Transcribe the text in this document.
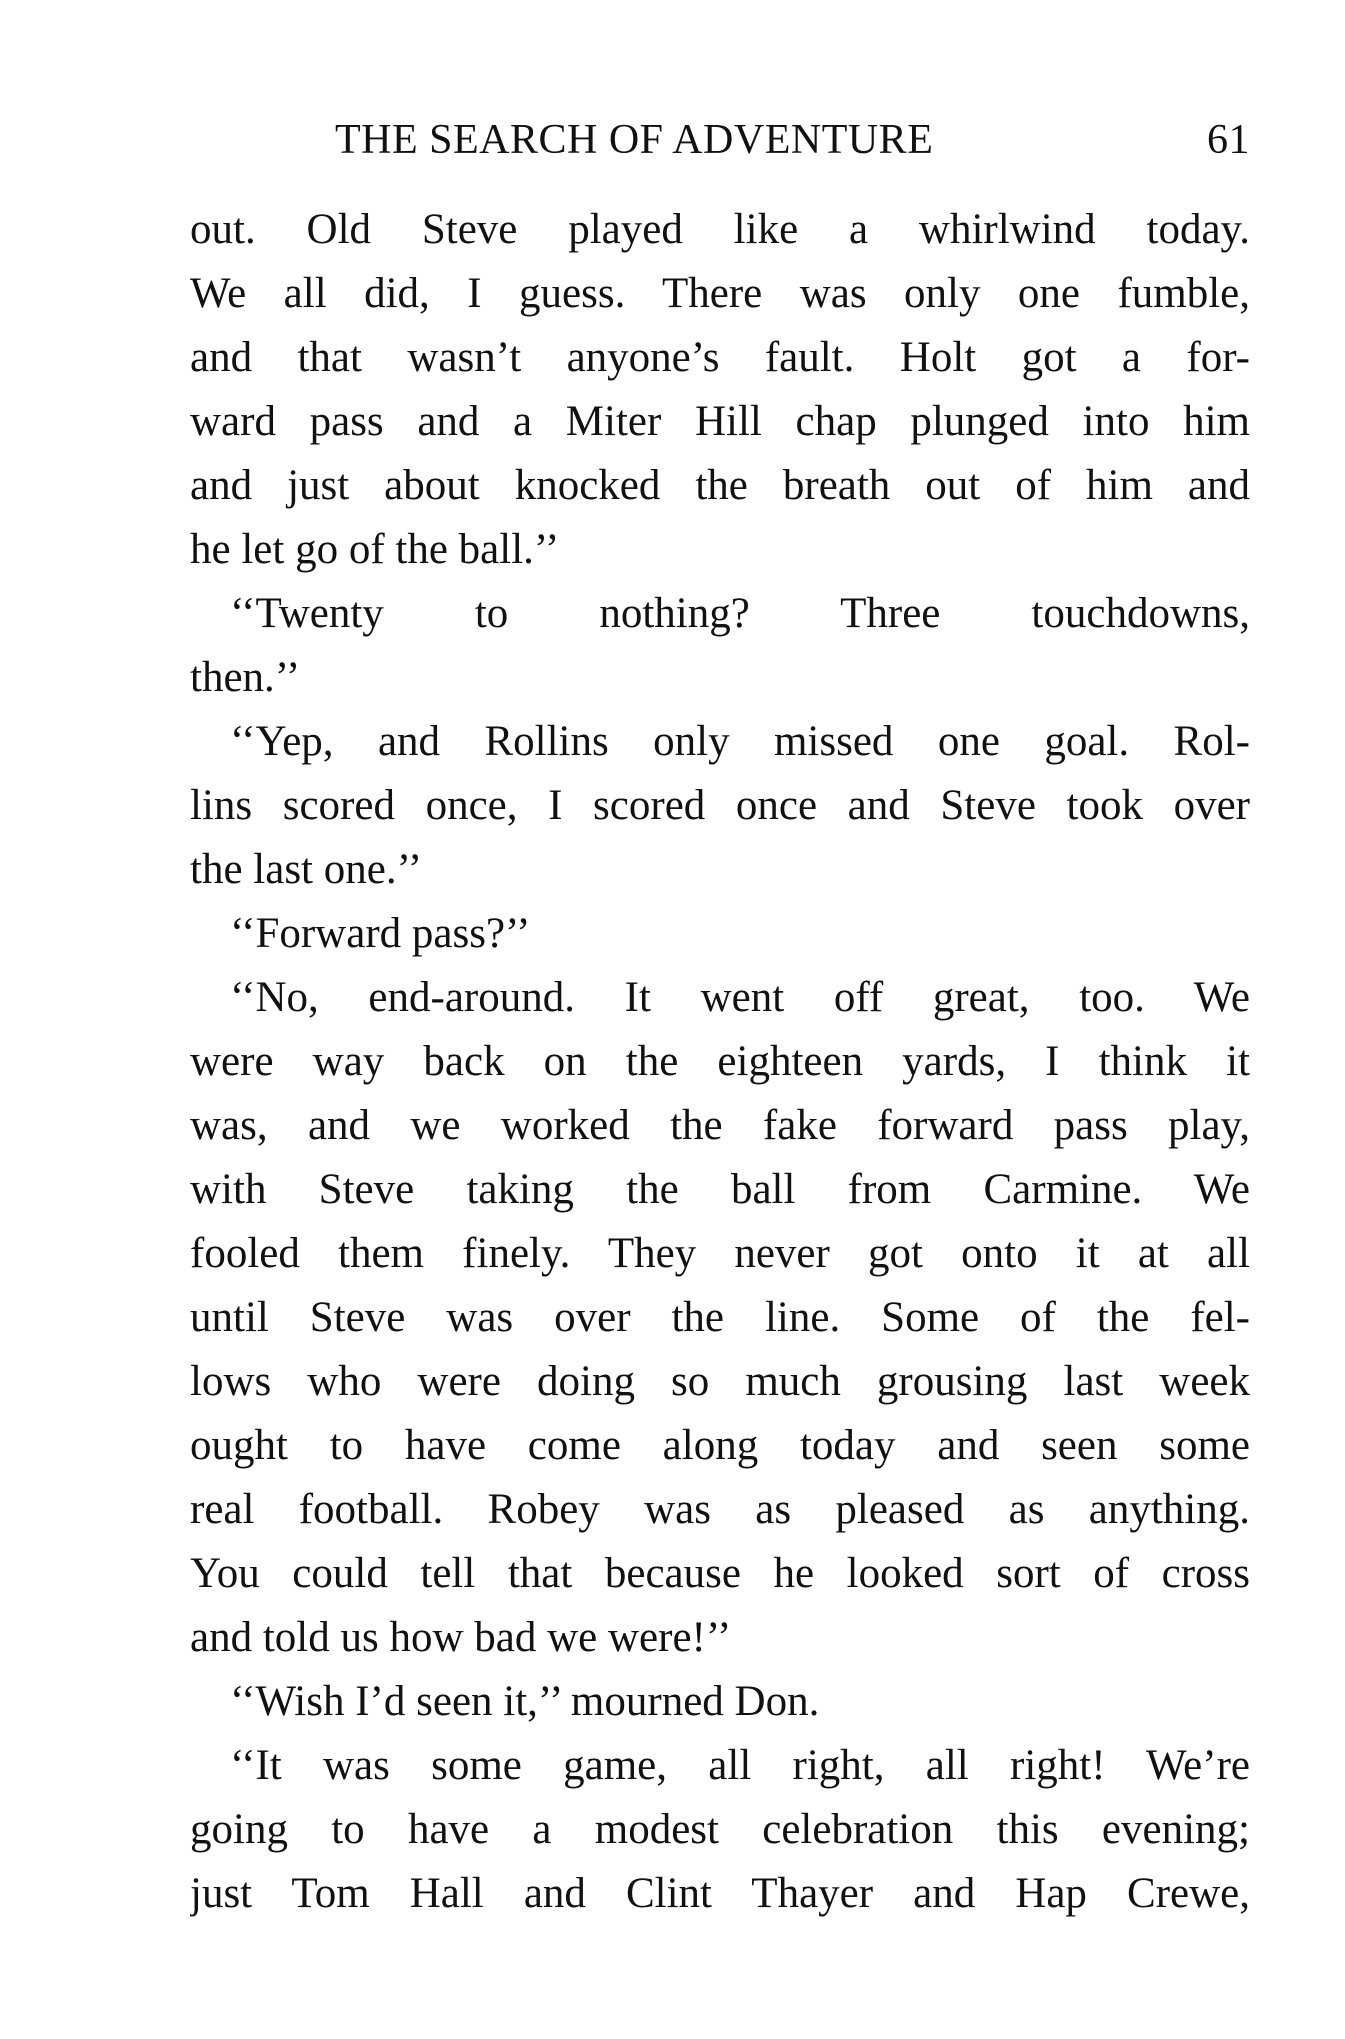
THE SEARCH OF ADVENTURE	61
out. Old Steve played like a whirlwind today.
We all did, I guess. There was only one fumble,
and that wasn’t anyone’s fault. Holt got a for-
ward pass and a Miter Hill chap plunged into him
and just about knocked the breath out of him and
he let go of the ball.’’
‘‘Twenty to nothing? Three touchdowns,
then.’’
‘‘Yep, and Rollins only missed one goal. Rol-
lins scored once, I scored once and Steve took over
the last one.’’
‘‘Forward pass?’’
‘‘No, end-around. It went off great, too. We
were way back on the eighteen yards, I think it
was, and we worked the fake forward pass play,
with Steve taking the ball from Carmine. We
fooled them finely. They never got onto it at all
until Steve was over the line. Some of the fel-
lows who were doing so much grousing last week
ought to have come along today and seen some
real football. Robey was as pleased as anything.
You could tell that because he looked sort of cross
and told us how bad we were!’’
‘‘Wish I’d seen it,’’ mourned Don.
‘‘It was some game, all right, all right! We’re
going to have a modest celebration this evening;
just Tom Hall and Clint Thayer and Hap Crewe,
